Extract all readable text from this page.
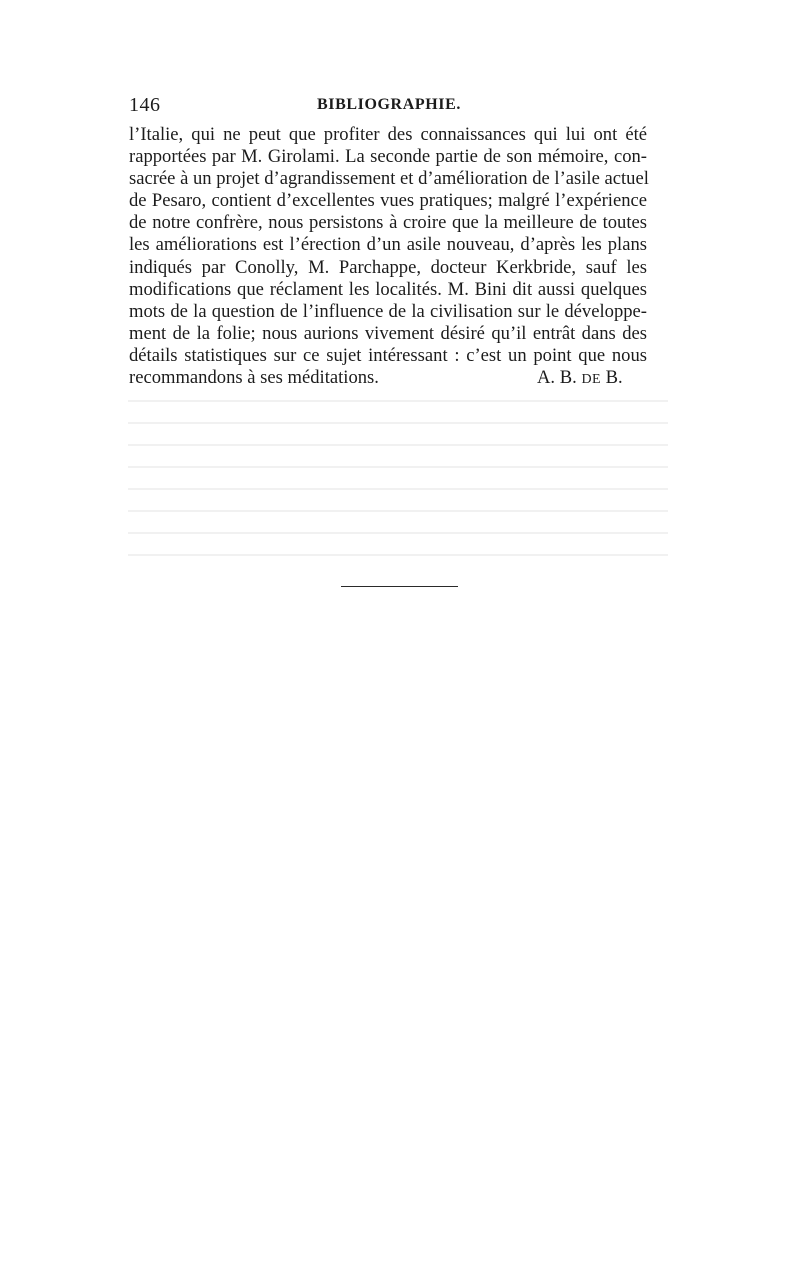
146	BIBLIOGRAPHIE.
l’Italie, qui ne peut que profiter des connaissances qui lui ont été
rapportées par M. Girolami. La seconde partie de son mémoire, con-
sacrée à un projet d’agrandissement et d’amélioration de l’asile actuel
de Pesaro, contient d’excellentes vues pratiques; malgré l’expérience
de notre confrère, nous persistons à croire que la meilleure de toutes
les améliorations est l’érection d’un asile nouveau, d’après les plans
indiqués par Conolly, M. Parchappe, docteur Kerkbride, sauf les
modifications que réclament les localités. M. Bini dit aussi quelques
mots de la question de l’influence de la civilisation sur le développe-
ment de la folie; nous aurions vivement désiré qu’il entrât dans des
détails statistiques sur ce sujet intéressant : c’est un point que nous
recommandons à ses méditations.	A. B. DE B.
